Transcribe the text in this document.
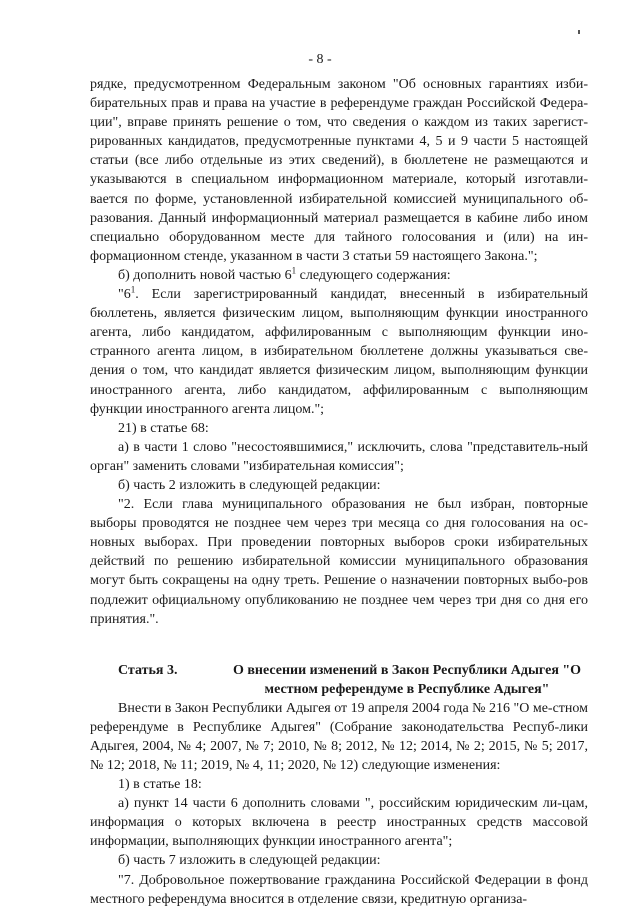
- 8 -

рядке, предусмотренном Федеральным законом "Об основных гарантиях изби-бирательных прав и права на участие в референдуме граждан Российской Федера-ции", вправе принять решение о том, что сведения о каждом из таких зарегист-рированных кандидатов, предусмотренные пунктами 4, 5 и 9 части 5 настоящей статьи (все либо отдельные из этих сведений), в бюллетене не размещаются и указываются в специальном информационном материале, который изготавли-вается по форме, установленной избирательной комиссией муниципального об-разования. Данный информационный материал размещается в кабине либо ином специально оборудованном месте для тайного голосования и (или) на ин-формационном стенде, указанном в части 3 статьи 59 настоящего Закона.";

б) дополнить новой частью $6^1$ следующего содержания:

"$6^1$. Если зарегистрированный кандидат, внесенный в избирательный бюллетень, является физическим лицом, выполняющим функции иностранного агента, либо кандидатом, аффилированным с выполняющим функции ино-странного агента лицом, в избирательном бюллетене должны указываться све-дения о том, что кандидат является физическим лицом, выполняющим функции иностранного агента, либо кандидатом, аффилированным с выполняющим функции иностранного агента лицом.";

21) в статье 68:

а) в части 1 слово "несостоявшимися," исключить, слова "представитель-ный орган" заменить словами "избирательная комиссия";

б) часть 2 изложить в следующей редакции:

"2. Если глава муниципального образования не был избран, повторные выборы проводятся не позднее чем через три месяца со дня голосования на ос-новных выборах. При проведении повторных выборов сроки избирательных действий по решению избирательной комиссии муниципального образования могут быть сокращены на одну треть. Решение о назначении повторных выбо-ров подлежит официальному опубликованию не позднее чем через три дня со дня его принятия.".

Статья 3.	О внесении изменений в Закон Республики Адыгея "О местном референдуме в Республике Адыгея"

Внести в Закон Республики Адыгея от 19 апреля 2004 года № 216 "О ме-стном референдуме в Республике Адыгея" (Собрание законодательства Респуб-лики Адыгея, 2004, № 4; 2007, № 7; 2010, № 8; 2012, № 12; 2014, № 2; 2015, № 5; 2017, № 12; 2018, № 11; 2019, № 4, 11; 2020, № 12) следующие изменения:

1) в статье 18:

а) пункт 14 части 6 дополнить словами ", российским юридическим ли-цам, информация о которых включена в реестр иностранных средств массовой информации, выполняющих функции иностранного агента";

б) часть 7 изложить в следующей редакции:

"7. Добровольное пожертвование гражданина Российской Федерации в фонд местного референдума вносится в отделение связи, кредитную организа-
